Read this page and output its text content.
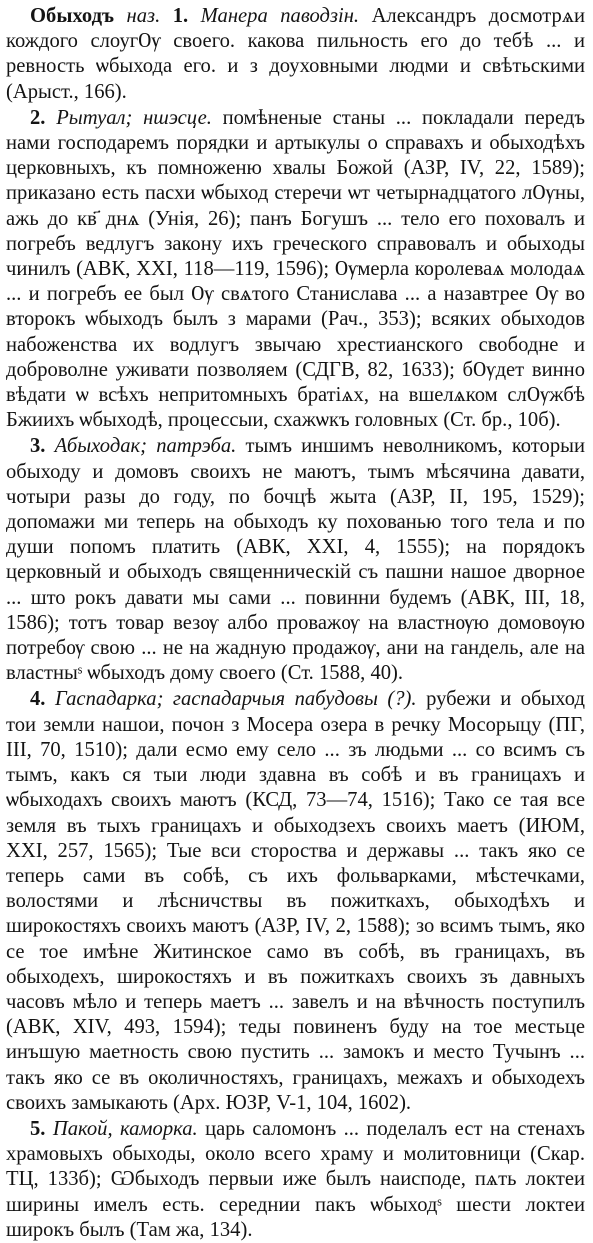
Обыходъ наз. 1. Манера паводзін. Александръ досмотрѧи кождого слоугѸ своего. какова пильность его до тебѣ ... и ревность ѡбыхода его. и з доуховными людми и свѣтьскими (Арыст., 166).

2. Рытуал; ншэсце. помѣненые станы ... покладали передъ нами господаремъ порядки и артыкулы о справахъ и обыходѣхъ церковныхъ, къ помноженю хвалы Божой (АЗР, IV, 22, 1589); приказано есть пасхи ѡбыход стеречи ѡт четырнадцатого лѸны, ажь до кв҃ днѧ (Унія, 26); панъ Богушъ ... тело его поховалъ и погребъ ведлугъ закону ихъ греческого справовалъ и обыходы чинилъ (АВК, XXI, 118—119, 1596); Ѹмерла королеваѧ молодаѧ ... и погребъ ее был Ѹ свѧтого Станислава ... а назавтрее Ѹ во второкъ ѡбыходъ былъ з марами (Рач., 353); всяких обыходов набоженства их водлугъ звычаю хрестиaнского свободне и доброволне уживати позволяем (СДГВ, 82, 1633); бѸдет винно вѣдати ѡ всѣхъ непритомныхъ братіѧх, на вшелѧком слѸжбѣ Бжиихъ ѡбыходѣ, процессыи, схажѡкъ головных (Ст. бр., 10б).

3. Абыходак; патрэба. тымъ иншимъ неволникомъ, которыи обыходу и домовъ своихъ не маютъ, тымъ мѣсячина давати, чотыри разы до году, по бочцѣ жыта (АЗР, II, 195, 1529); допомажи ми теперь на обыходъ ку похованью того тела и по души попомъ платить (АВК, XXI, 4, 1555); на порядокъ церковный и обыходъ священническій съ пашни нашое дворное ... што рокъ давати мы сами ... повинни будемъ (АВК, III, 18, 1586); тотъ товар везѹ албо проважѹ на властнѹю домовѹю потребѹ свою ... не на жадную продажѹ, ани на гандель, але на властныˢ ѡбыходъ дому своего (Ст. 1588, 40).

4. Гаспадарка; гаспадарчыя пабудовы (?). рубежи и обыход тои земли нашои, почон з Мосера озера в речку Мосорыцу (ПГ, III, 70, 1510); дали есмо ему село ... зъ людьми ... со всимъ съ тымъ, какъ ся тыи люди здавна въ собѣ и въ границахъ и ѡбыходахъ своихъ маютъ (КСД, 73—74, 1516); Тако се тая все земля въ тыхъ границахъ и обыходзехъ своихъ маетъ (ИЮМ, XXI, 257, 1565); Тые вси стороства и державы ... такъ яко се теперь сами въ собѣ, съ ихъ фольварками, мѣстечками, волостями и лѣсничствы въ пожиткахъ, обыходѣхъ и широкостяхъ своихъ маютъ (АЗР, IV, 2, 1588); зо всимъ тымъ, яко се тое имѣне Житинское само въ собѣ, въ границахъ, въ обыходехъ, широкостяхъ и въ пожиткахъ своихъ зъ давныхъ часовъ мѣло и теперь маетъ ... завелъ и на вѣчность поступилъ (АВК, XIV, 493, 1594); теды повиненъ буду на тое местьце инъшую маетность свою пустить ... замокъ и место Тучынъ ... такъ яко се въ околичностяхъ, границахъ, межахъ и обыходехъ своихъ замыкають (Арх. ЮЗР, V-1, 104, 1602).

5. Пакой, каморка. царь саломонъ ... поделалъ ест на стенахъ храмовыхъ обыходы, около всего храму и молитовници (Скар. ТЦ, 133б); Ѡбыходъ первыи иже былъ наисподе, пѧть локтеи ширины имелъ есть. середнии пакъ ѡбыходˢ шести локтеи широкъ былъ (Там жа, 134).
